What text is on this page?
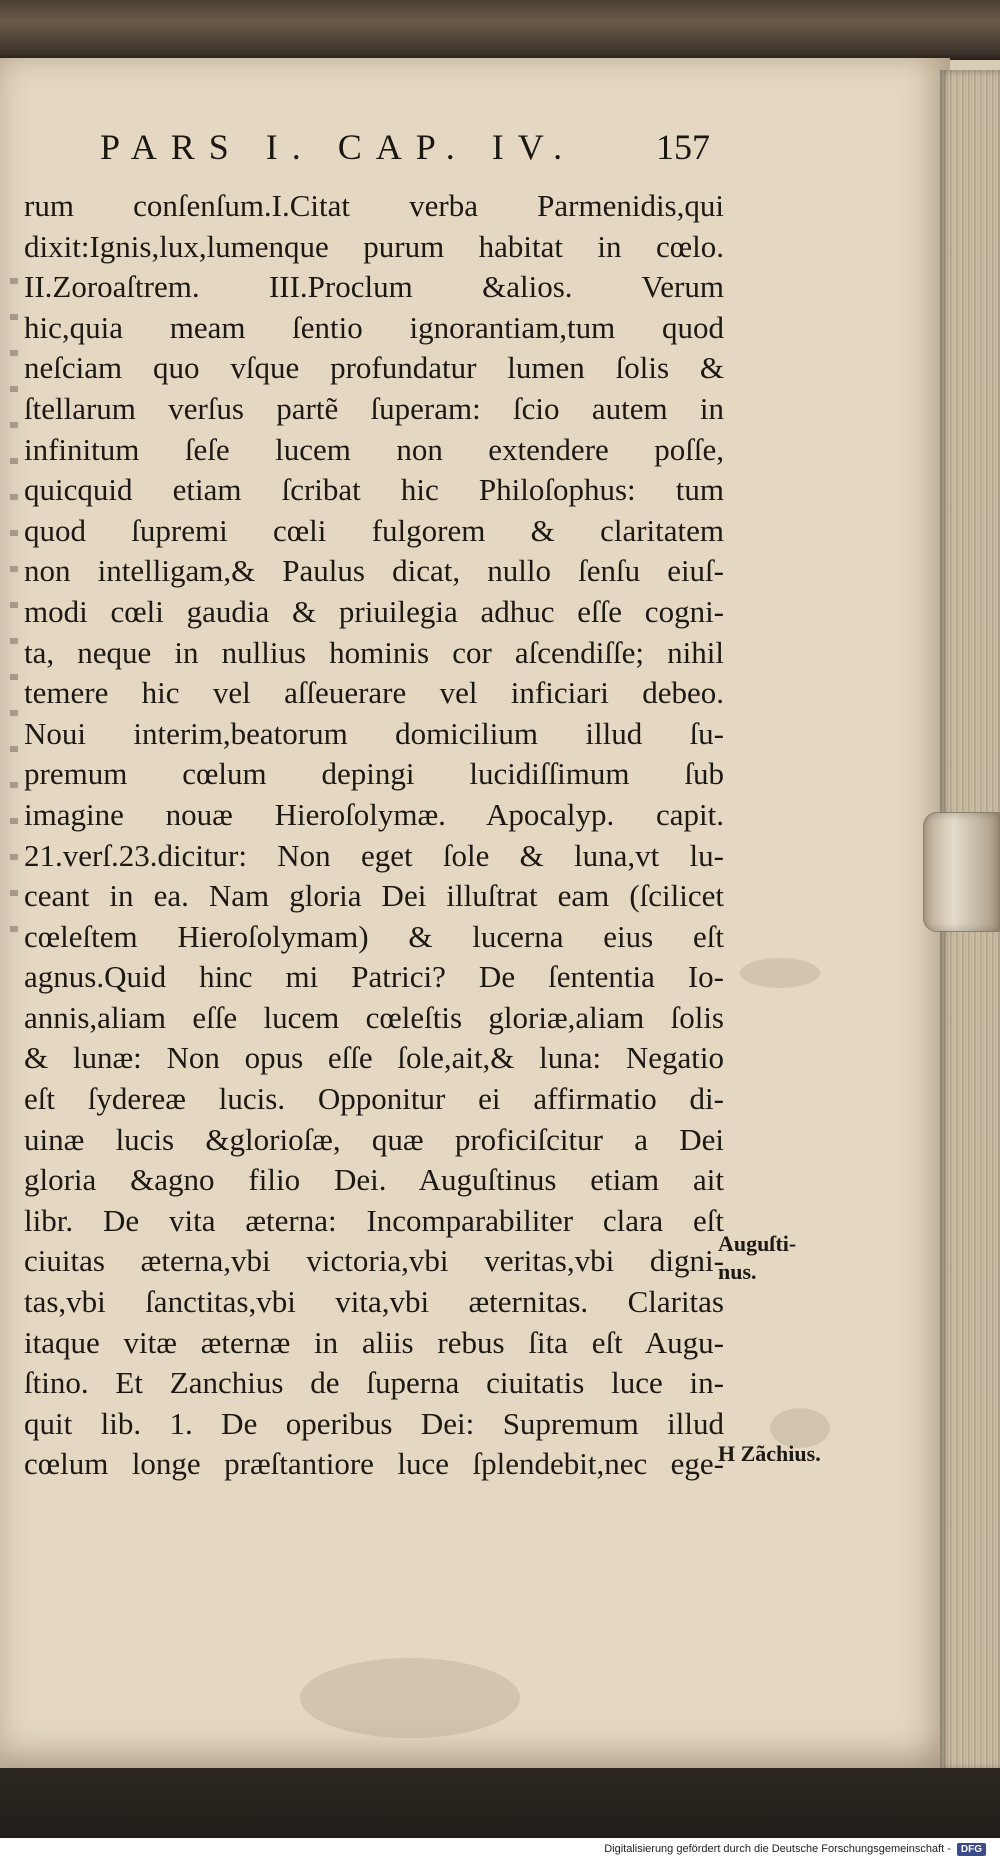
PARS I. CAP. IV. 157
rum conſenſum.I.Citat verba Parmenidis,qui
dixit:Ignis,lux,lumenque purum habitat in cœlo.
II.Zoroaſtrem. III.Proclum &alios. Verum
hic,quia meam ſentio ignorantiam,tum quod
neſciam quo vſque profundatur lumen ſolis &
ſtellarum verſus partẽ ſuperam: ſcio autem in
infinitum ſeſe lucem non extendere poſſe,
quicquid etiam ſcribat hic Philoſophus: tum
quod ſupremi cœli fulgorem & claritatem
non intelligam,& Paulus dicat, nullo ſenſu eiuſ-
modi cœli gaudia & priuilegia adhuc eſſe cogni-
ta, neque in nullius hominis cor aſcendiſſe; nihil
temere hic vel aſſeuerare vel inficiari debeo.
Noui interim,beatorum domicilium illud ſu-
premum cœlum depingi lucidiſſimum ſub
imagine nouæ Hieroſolymæ. Apocalyp. capit.
21.verſ.23.dicitur: Non eget ſole & luna,vt lu-
ceant in ea. Nam gloria Dei illuſtrat eam (ſcilicet
cœleſtem Hieroſolymam) & lucerna eius eſt
agnus.Quid hinc mi Patrici? De ſententia Io-
annis,aliam eſſe lucem cœleſtis gloriæ,aliam ſolis
& lunæ: Non opus eſſe ſole,ait,& luna: Negatio
eſt ſydereæ lucis. Opponitur ei affirmatio di-
uinæ lucis &glorioſæ, quæ proficiſcitur a Dei
gloria &agno filio Dei. Auguſtinus etiam ait
libr. De vita æterna: Incomparabiliter clara eſt
ciuitas æterna,vbi victoria,vbi veritas,vbi digni-
tas,vbi ſanctitas,vbi vita,vbi æternitas. Claritas
itaque vitæ æternæ in aliis rebus ſita eſt Augu-
ſtino. Et Zanchius de ſuperna ciuitatis luce in-
quit lib. 1. De operibus Dei: Supremum illud
cœlum longe præſtantiore luce ſplendebit,nec ege-
Auguſti-
nus.
H Zãchius.
Digitalisierung gefördert durch die Deutsche Forschungsgemeinschaft -	DFG
